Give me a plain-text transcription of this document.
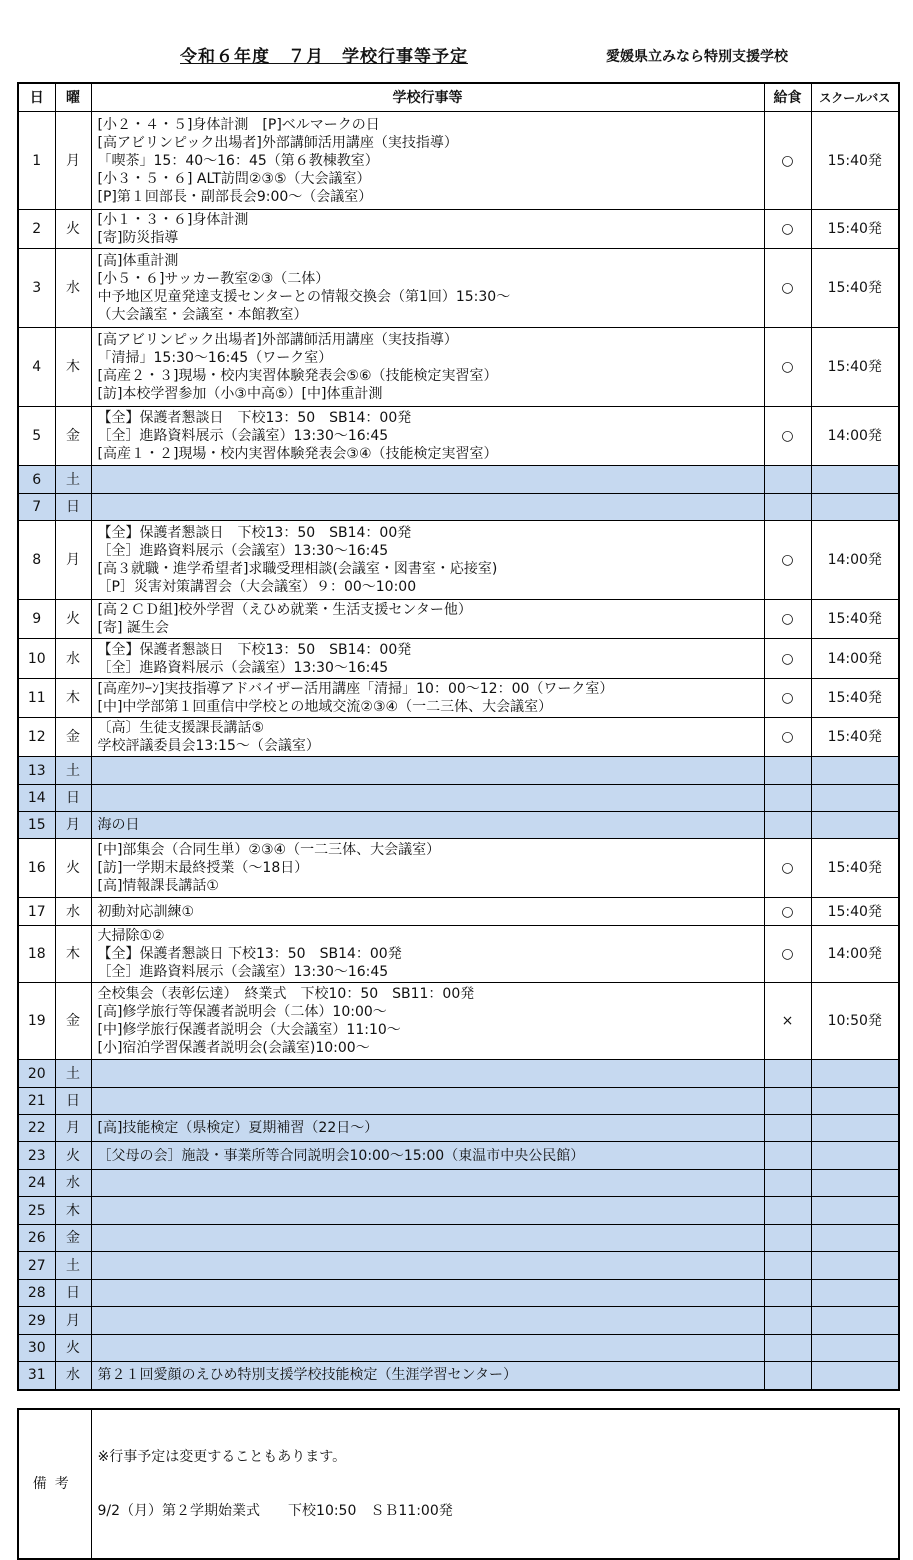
令和６年度　７月　学校行事等予定	愛媛県立みなら特別支援学校
日	曜	学校行事等	給食	スクールバス
1	月	[小２・４・５]身体計測　[P]ベルマークの日
[高アビリンピック出場者]外部講師活用講座（実技指導）
「喫茶」15：40～16：45（第６教棟教室）
[小３・５・６] ALT訪問②③⑤（大会議室）
[P]第１回部長・副部長会9:00～（会議室）	○	15:40発
2	火	[小１・３・６]身体計測
[寄]防災指導	○	15:40発
3	水	[高]体重計測
[小５・６]サッカー教室②③（二体）
中予地区児童発達支援センターとの情報交換会（第1回）15:30～
（大会議室・会議室・本館教室）	○	15:40発
4	木	[高アビリンピック出場者]外部講師活用講座（実技指導）
「清掃」15:30～16:45（ワーク室）
[高産２・３]現場・校内実習体験発表会⑤⑥（技能検定実習室）
[訪]本校学習参加（小③中高⑤）[中]体重計測	○	15:40発
5	金	【全】保護者懇談日　下校13：50　SB14：00発
［全］進路資料展示（会議室）13:30～16:45
[高産１・２]現場・校内実習体験発表会③④（技能検定実習室）	○	14:00発
6	土			
7	日			
8	月	【全】保護者懇談日　下校13：50　SB14：00発
［全］進路資料展示（会議室）13:30～16:45
[高３就職・進学希望者]求職受理相談(会議室・図書室・応接室)
［P］災害対策講習会（大会議室）９：00～10:00	○	14:00発
9	火	[高２ＣＤ組]校外学習（えひめ就業・生活支援センター他）
[寄] 誕生会	○	15:40発
10	水	【全】保護者懇談日　下校13：50　SB14：00発
［全］進路資料展示（会議室）13:30～16:45	○	14:00発
11	木	[高産ｸﾘｰﾝ]実技指導アドバイザー活用講座「清掃」10：00～12：00（ワーク室）
[中]中学部第１回重信中学校との地域交流②③④（一二三体、大会議室）	○	15:40発
12	金	〔高〕生徒支援課長講話⑤
学校評議委員会13:15～（会議室）	○	15:40発
13	土			
14	日			
15	月	海の日		

16	火	[中]部集会（合同生単）②③④（一二三体、大会議室）
[訪]一学期末最終授業（～18日）
[高]情報課長講話①	○	15:40発
17	水	初動対応訓練①	○	15:40発
18	木	大掃除①②
【全】保護者懇談日 下校13：50　SB14：00発
［全］進路資料展示（会議室）13:30～16:45	○	14:00発
19	金	全校集会（表彰伝達）　終業式　下校10：50　SB11：00発
[高]修学旅行等保護者説明会（二体）10:00～
[中]修学旅行保護者説明会（大会議室）11:10～
[小]宿泊学習保護者説明会(会議室)10:00～	×	10:50発
20	土			
21	日			
22	月	[高]技能検定（県検定）夏期補習（22日～）		

23	火	［父母の会］施設・事業所等合同説明会10:00～15:00（東温市中央公民館）		

24	水			
25	木			
26	金			
27	土			
28	日			
29	月			
30	火			
31	水	第２１回愛顔のえひめ特別支援学校技能検定（生涯学習センター）		

備考	

※行事予定は変更することもあります。

9/2（月）第２学期始業式　　下校10:50　ＳＢ11:00発
